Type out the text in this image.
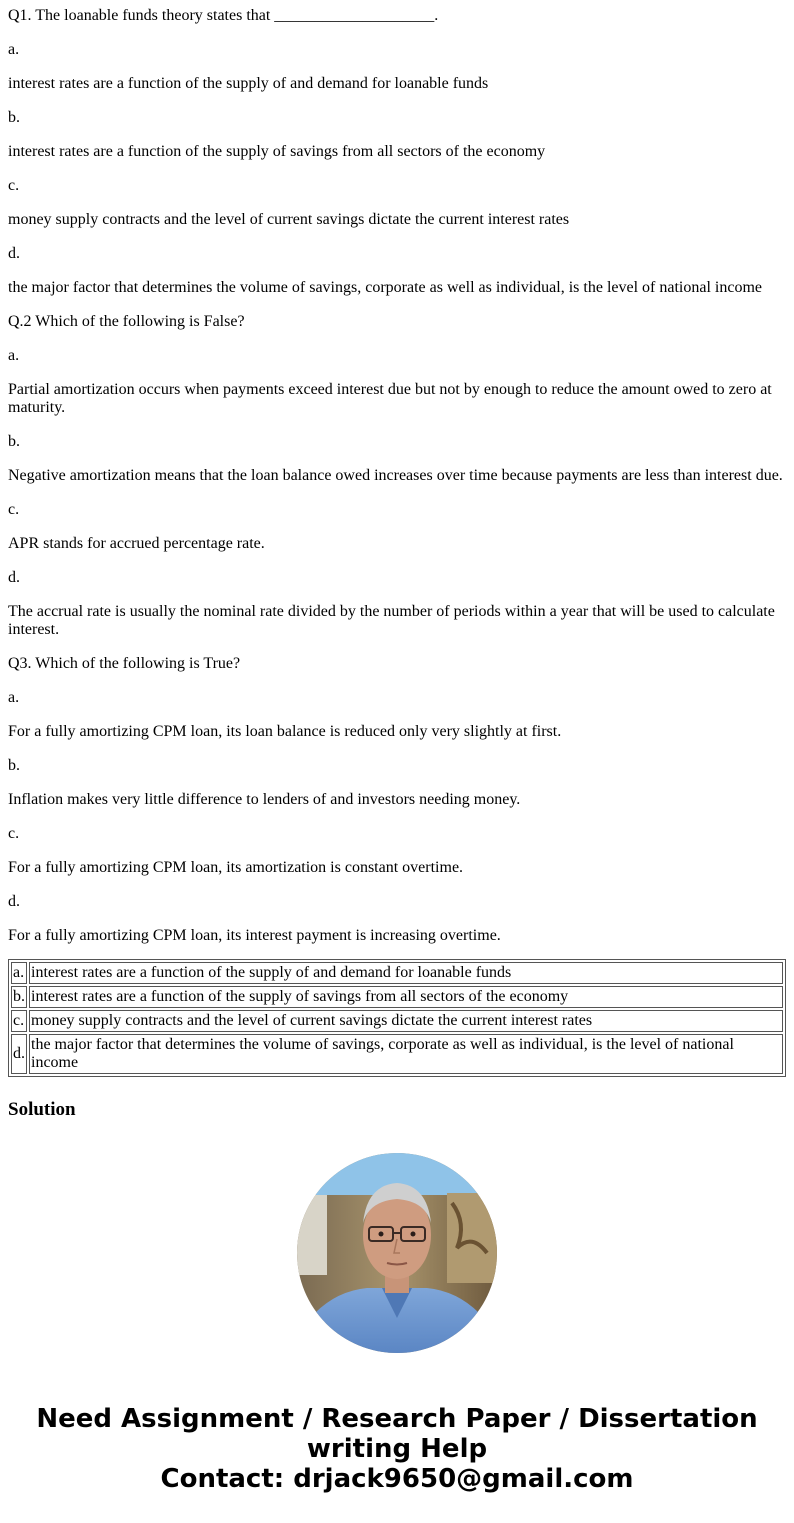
Q1. The loanable funds theory states that ____________________.

a.

interest rates are a function of the supply of and demand for loanable funds

b.

interest rates are a function of the supply of savings from all sectors of the economy

c.

money supply contracts and the level of current savings dictate the current interest rates

d.

the major factor that determines the volume of savings, corporate as well as individual, is the level of national income

Q.2 Which of the following is False?

a.

Partial amortization occurs when payments exceed interest due but not by enough to reduce the amount owed to zero at maturity.

b.

Negative amortization means that the loan balance owed increases over time because payments are less than interest due.

c.

APR stands for accrued percentage rate.

d.

The accrual rate is usually the nominal rate divided by the number of periods within a year that will be used to calculate interest.

Q3. Which of the following is True?

a.

For a fully amortizing CPM loan, its loan balance is reduced only very slightly at first.

b.

Inflation makes very little difference to lenders of and investors needing money.

c.

For a fully amortizing CPM loan, its amortization is constant overtime.

d.

For a fully amortizing CPM loan, its interest payment is increasing overtime.

a.	interest rates are a function of the supply of and demand for loanable funds
b.	interest rates are a function of the supply of savings from all sectors of the economy
c.	money supply contracts and the level of current savings dictate the current interest rates
d.	the major factor that determines the volume of savings, corporate as well as individual, is the level of national income
Solution
Need Assignment / Research Paper / Dissertation
writing Help
Contact: drjack9650@gmail.com
